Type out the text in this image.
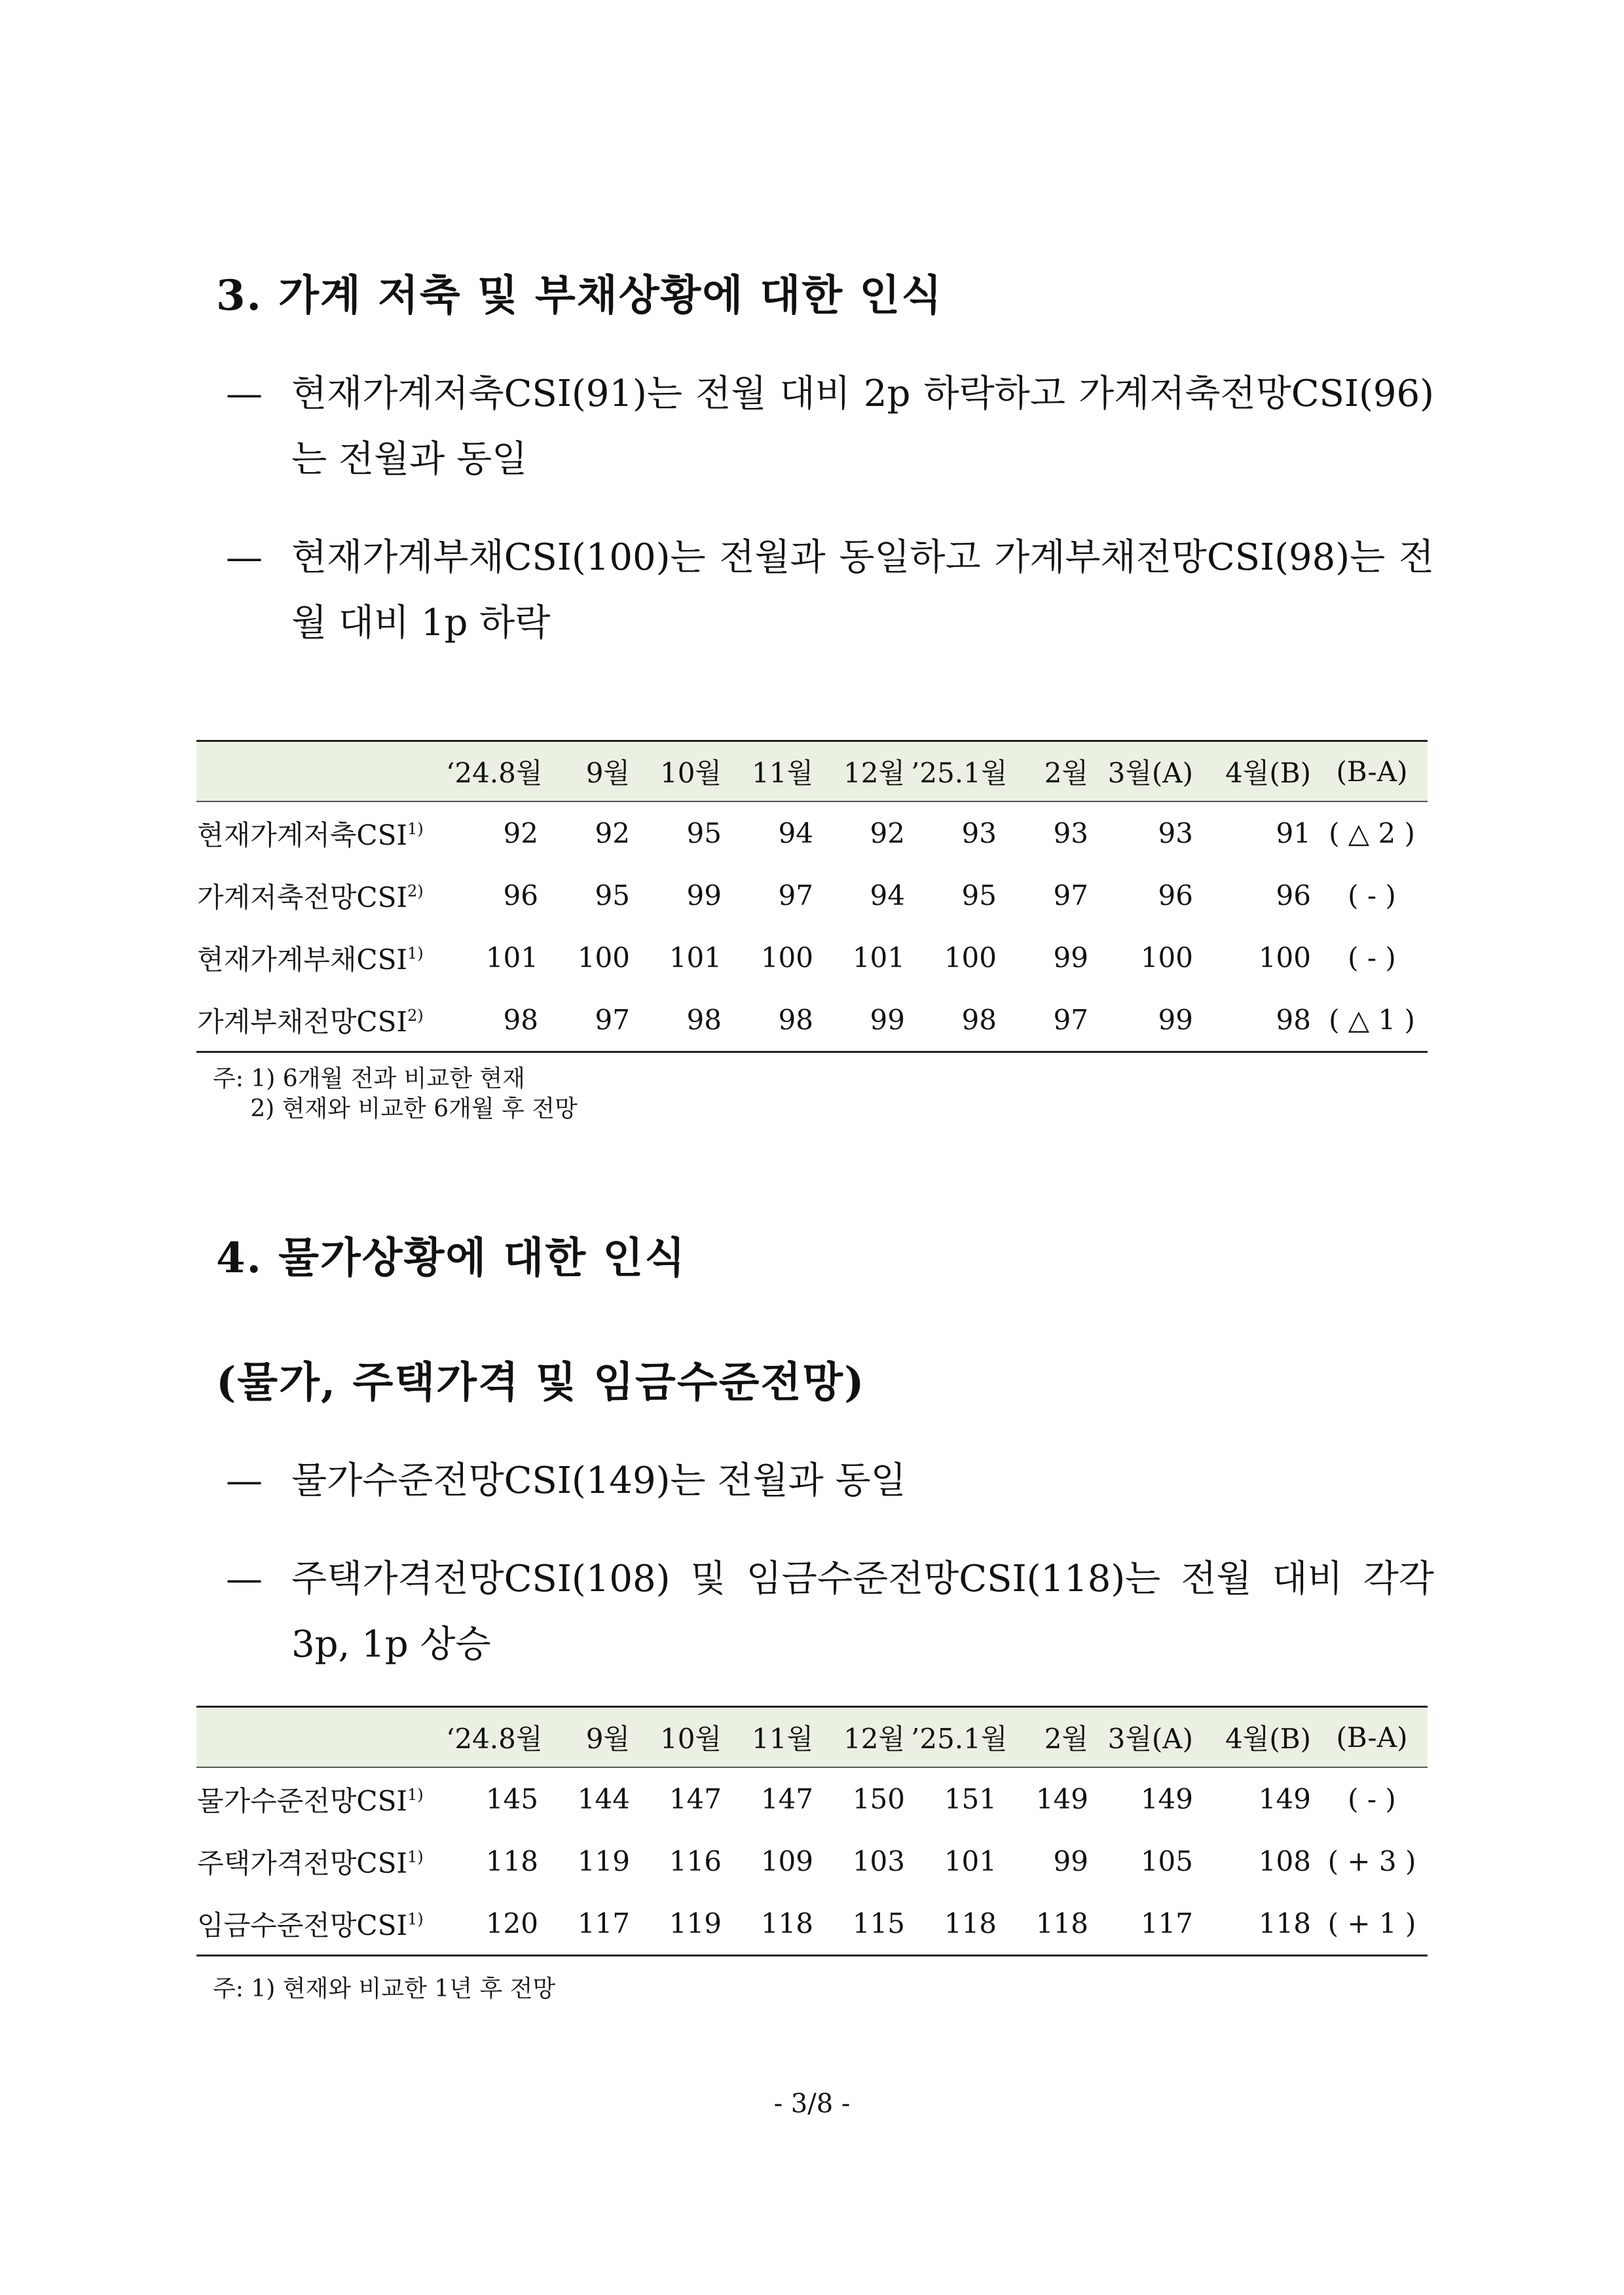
3. 가계 저축 및 부채상황에 대한 인식
— 현재가계저축CSI(91)는 전월 대비 2p 하락하고 가계저축전망CSI(96)는 전월과 동일
— 현재가계부채CSI(100)는 전월과 동일하고 가계부채전망CSI(98)는 전월 대비 1p 하락
	‘24.8월	9월	10월	11월	12월	’25.1월	2월	3월(A)	4월(B)	(B-A)
현재가계저축CSI$^{1)}$	92	92	95	94	92	93	93	93	91	( △ 2 )
가계저축전망CSI$^{2)}$	96	95	99	97	94	95	97	96	96	( - )
현재가계부채CSI$^{1)}$	101	100	101	100	101	100	99	100	100	( - )
가계부채전망CSI$^{2)}$	98	97	98	98	99	98	97	99	98	( △ 1 )

주: 1) 6개월 전과 비교한 현재

2) 현재와 비교한 6개월 후 전망

4. 물가상황에 대한 인식
(물가, 주택가격 및 임금수준전망)
— 물가수준전망CSI(149)는 전월과 동일
— 주택가격전망CSI(108) 및 임금수준전망CSI(118)는 전월 대비 각각 3p, 1p 상승
	‘24.8월	9월	10월	11월	12월	’25.1월	2월	3월(A)	4월(B)	(B-A)
물가수준전망CSI$^{1)}$	145	144	147	147	150	151	149	149	149	( - )
주택가격전망CSI$^{1)}$	118	119	116	109	103	101	99	105	108	( + 3 )
임금수준전망CSI$^{1)}$	120	117	119	118	115	118	118	117	118	( + 1 )

주: 1) 현재와 비교한 1년 후 전망

- 3/8 -
